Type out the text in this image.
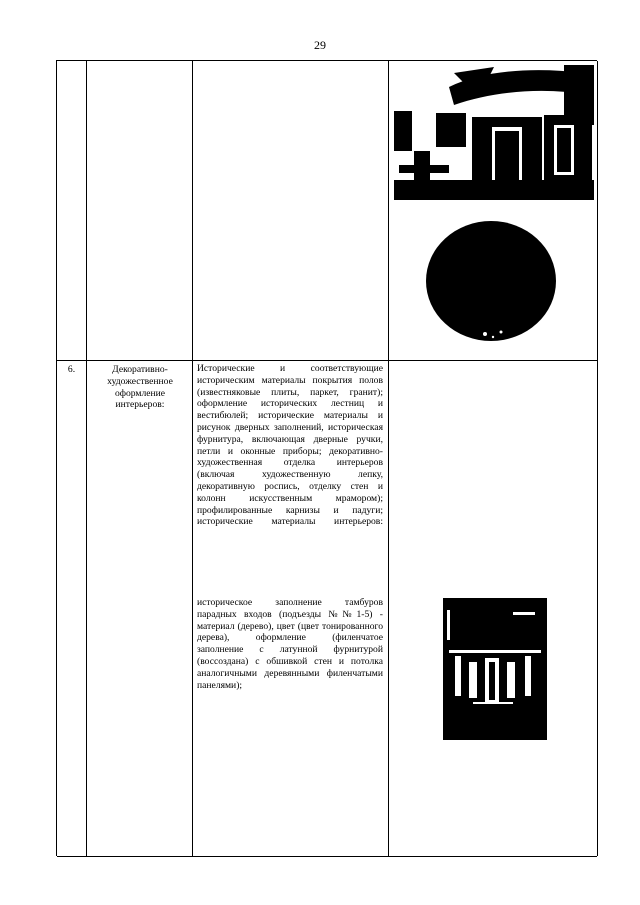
29
6.	Декоративно-художественное оформление интерьеров:
Исторические и соответствующие историческим материалы покрытия полов (известняковые плиты, паркет, гранит); оформление исторических лестниц и вестибюлей; исторические материалы и рисунок дверных заполнений, историческая фурнитура, включающая дверные ручки, петли и оконные приборы; декоративно-художественная отделка интерьеров (включая художественную лепку, декоративную роспись, отделку стен и колонн искусственным мрамором); профилированные карнизы и падуги; исторические материалы интерьеров:
историческое заполнение тамбуров парадных входов (подъезды №№1-5) - материал (дерево), цвет (цвет тонированного дерева), оформление (филенчатое заполнение с латунной фурнитурой (воссоздана) с обшивкой стен и потолка аналогичными деревянными филенчатыми панелями);
